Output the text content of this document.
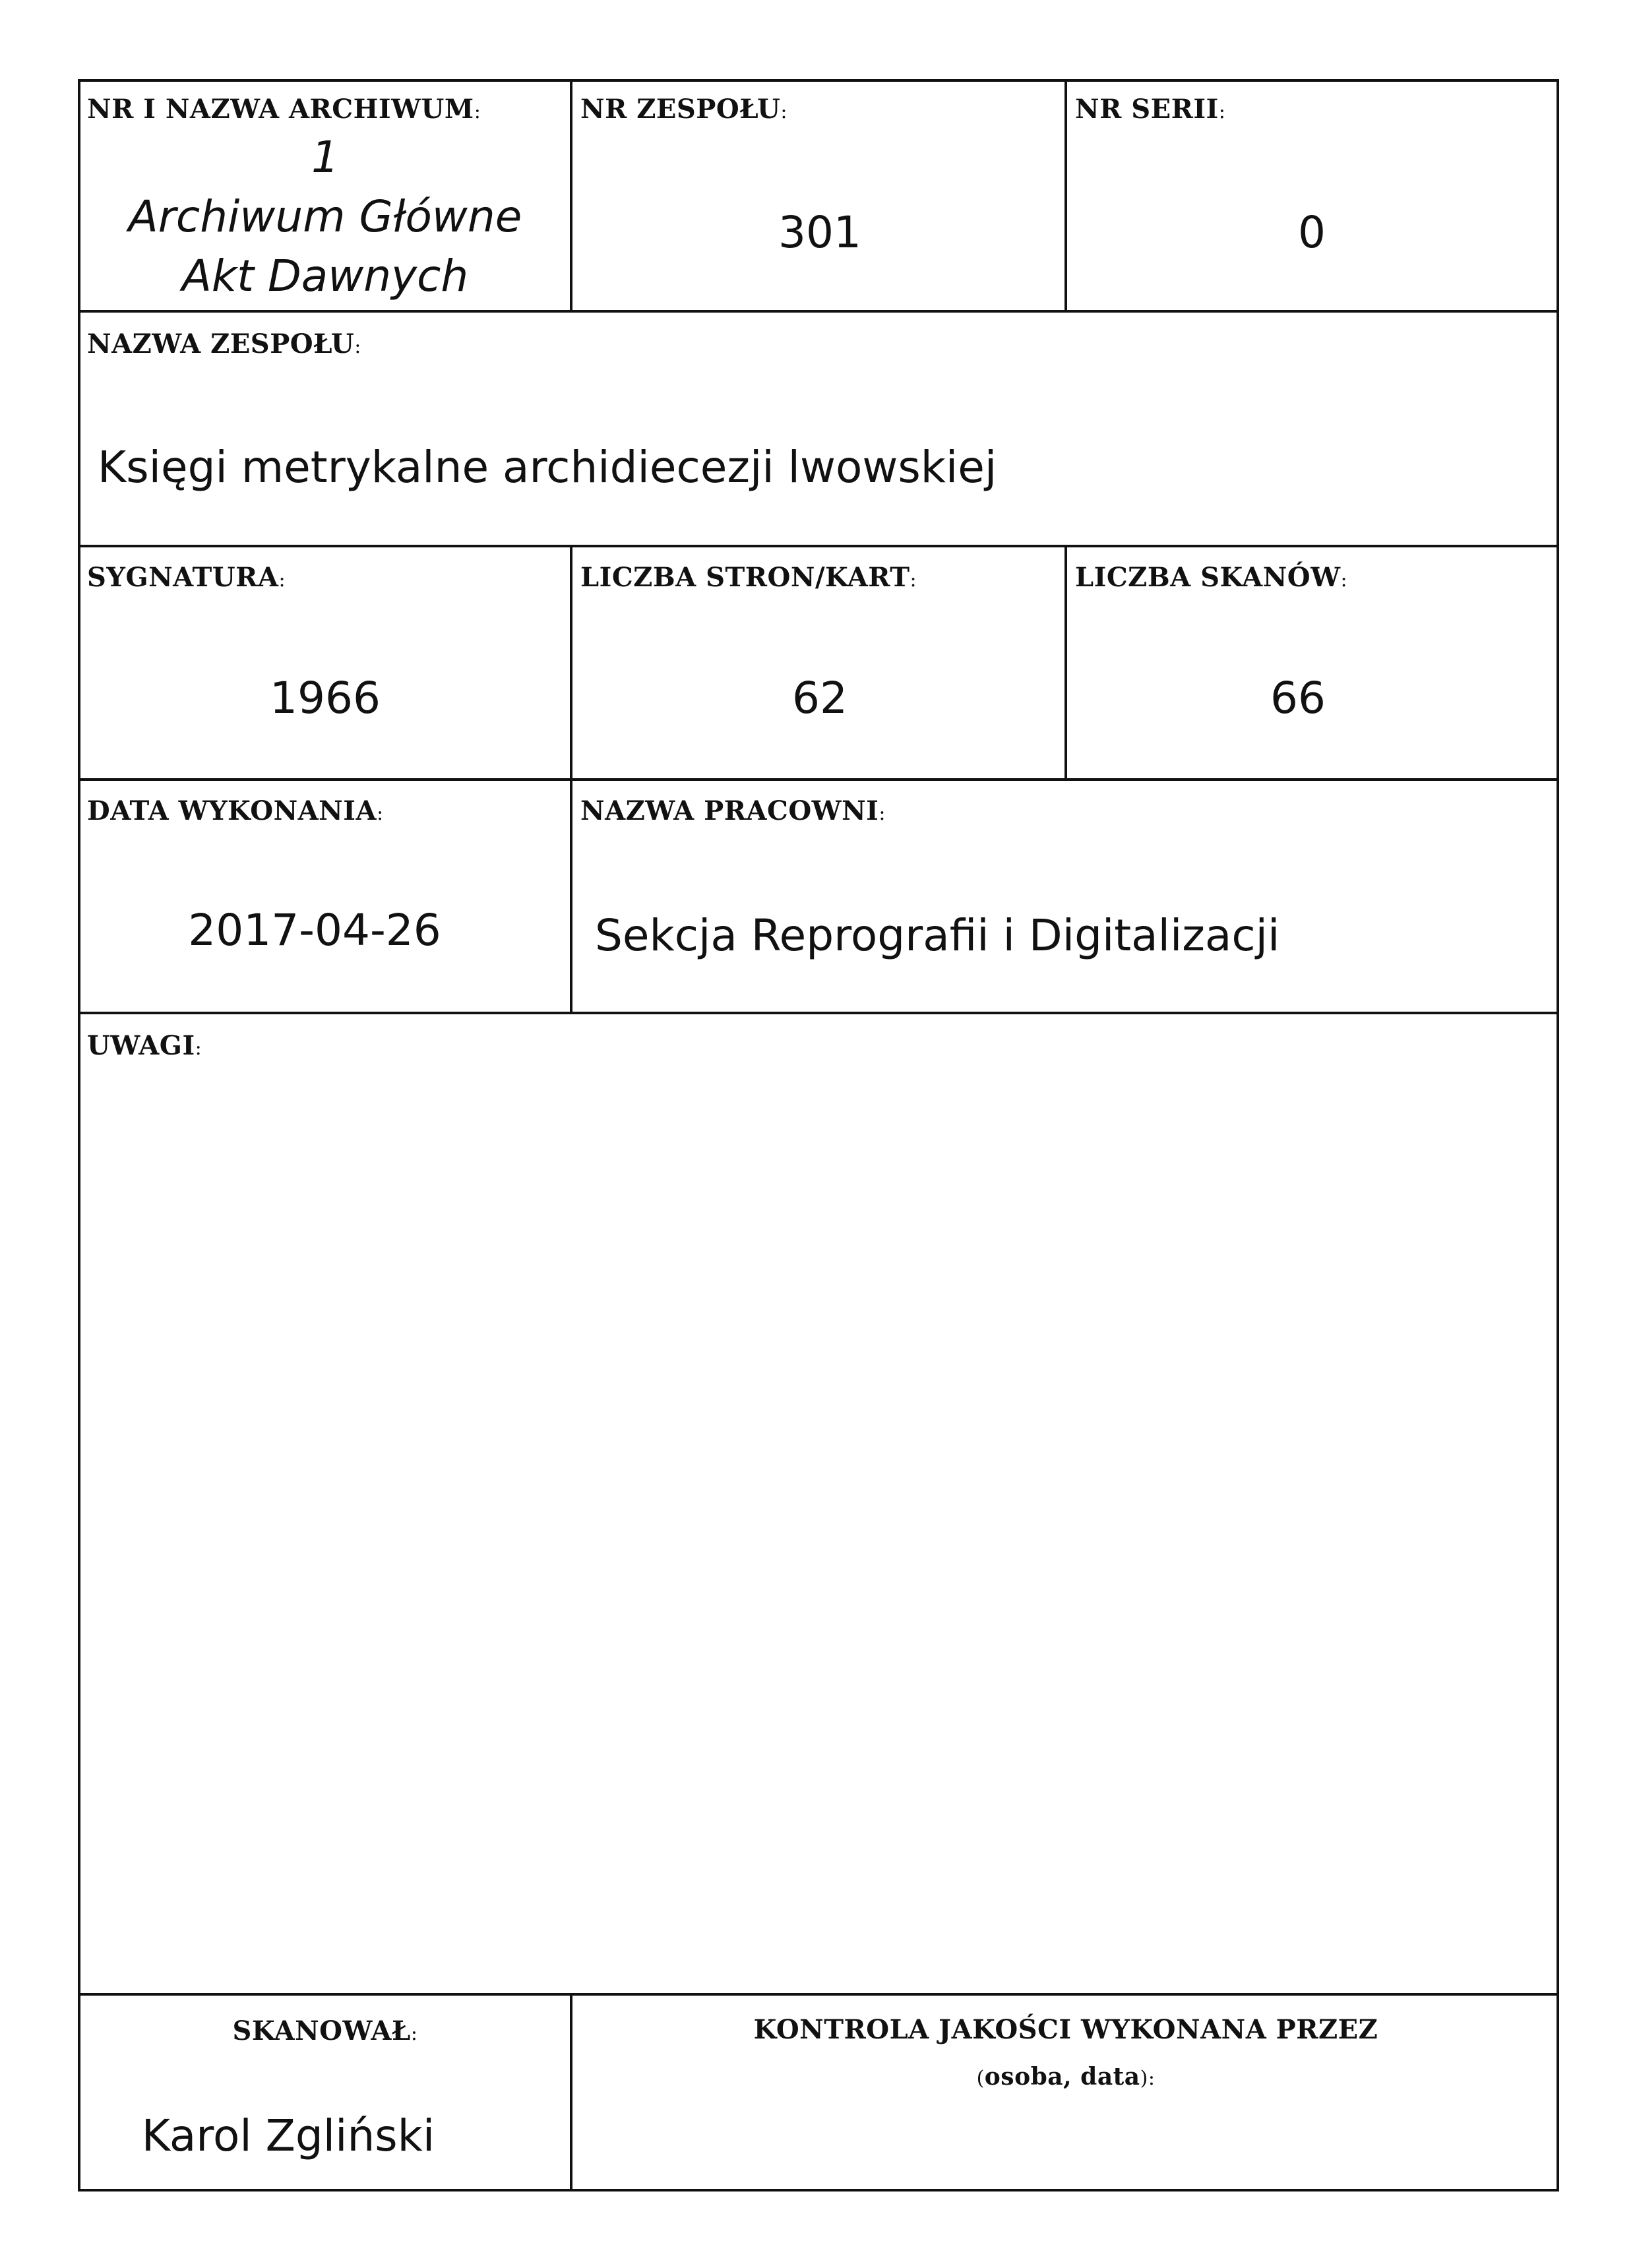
NR I NAZWA ARCHIWUM:
1
Archiwum Główne
Akt Dawnych
NR ZESPOŁU:
301
NR SERII:
0
NAZWA ZESPOŁU:
Księgi metrykalne archidiecezji lwowskiej
SYGNATURA:
1966
LICZBA STRON/KART:
62
LICZBA SKANÓW:
66
DATA WYKONANIA:
2017-04-26
NAZWA PRACOWNI:
Sekcja Reprografii i Digitalizacji
UWAGI:
SKANOWAŁ:
Karol Zgliński
KONTROLA JAKOŚCI WYKONANA PRZEZ
(osoba, data):
